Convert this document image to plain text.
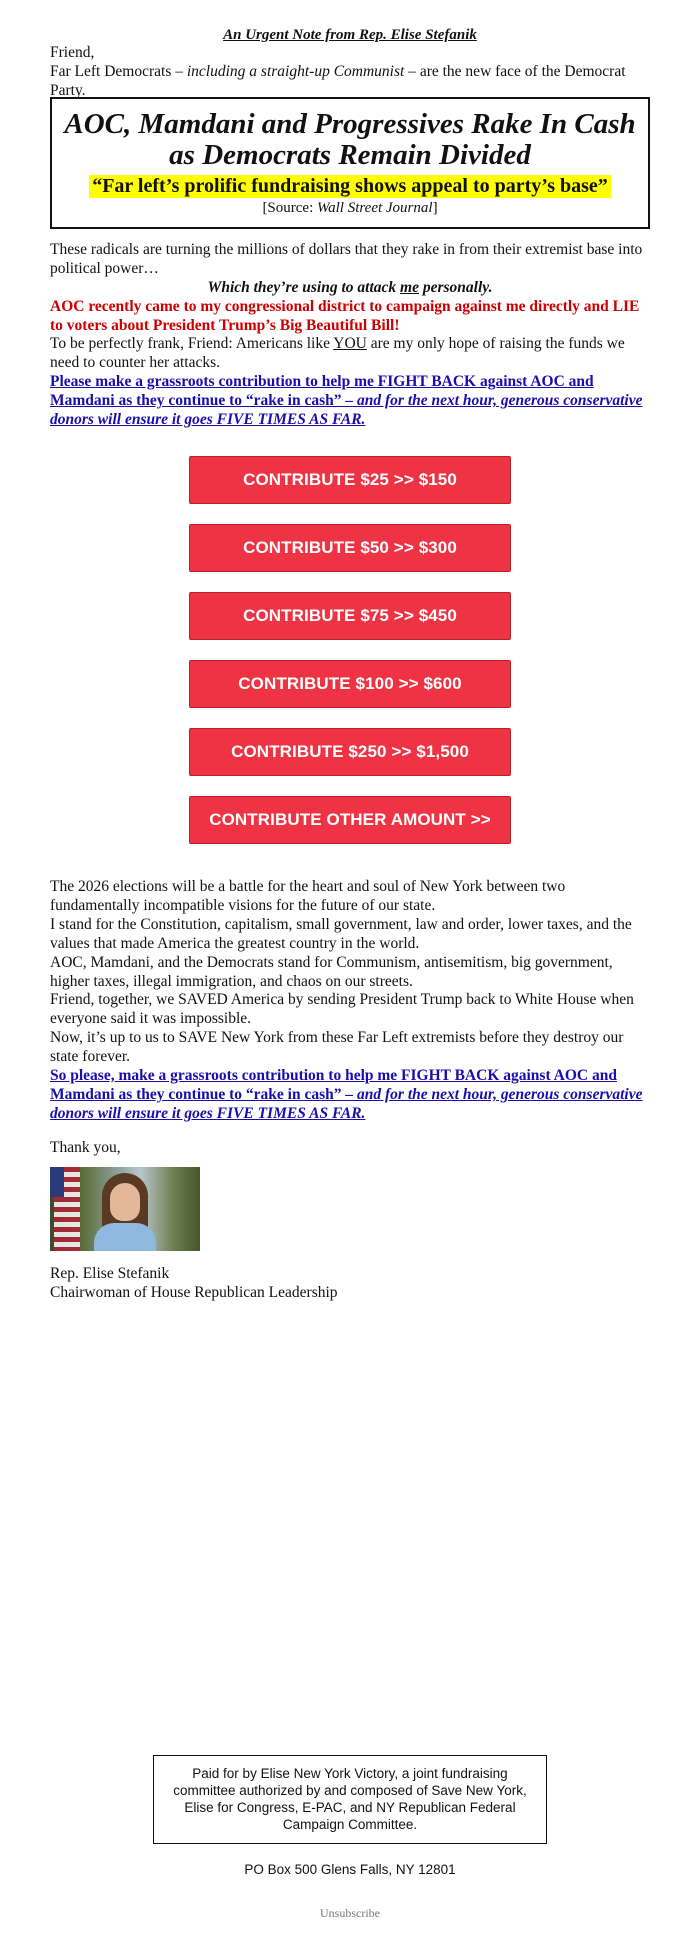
An Urgent Note from Rep. Elise Stefanik

Friend,

Far Left Democrats – including a straight-up Communist – are the new face of the Democrat Party.

AOC, Mamdani and Progressives Rake In Cash as Democrats Remain Divided

“Far left’s prolific fundraising shows appeal to party’s base”
[Source: Wall Street Journal]

These radicals are turning the millions of dollars that they rake in from their extremist base into political power…

Which they’re using to attack me personally.

AOC recently came to my congressional district to campaign against me directly and LIE to voters about President Trump’s Big Beautiful Bill!

To be perfectly frank, Friend: Americans like YOU are my only hope of raising the funds we need to counter her attacks.

Please make a grassroots contribution to help me FIGHT BACK against AOC and Mamdani as they continue to “rake in cash” – and for the next hour, generous conservative donors will ensure it goes FIVE TIMES AS FAR.

CONTRIBUTE $25 >> $150
CONTRIBUTE $50 >> $300
CONTRIBUTE $75 >> $450
CONTRIBUTE $100 >> $600
CONTRIBUTE $250 >> $1,500
CONTRIBUTE OTHER AMOUNT >>

The 2026 elections will be a battle for the heart and soul of New York between two fundamentally incompatible visions for the future of our state.

I stand for the Constitution, capitalism, small government, law and order, lower taxes, and the values that made America the greatest country in the world.

AOC, Mamdani, and the Democrats stand for Communism, antisemitism, big government, higher taxes, illegal immigration, and chaos on our streets.

Friend, together, we SAVED America by sending President Trump back to White House when everyone said it was impossible.

Now, it’s up to us to SAVE New York from these Far Left extremists before they destroy our state forever.

So please, make a grassroots contribution to help me FIGHT BACK against AOC and Mamdani as they continue to “rake in cash” – and for the next hour, generous conservative donors will ensure it goes FIVE TIMES AS FAR.

Thank you,

Rep. Elise Stefanik

Chairwoman of House Republican Leadership

Paid for by Elise New York Victory, a joint fundraising committee authorized by and composed of Save New York, Elise for Congress, E-PAC, and NY Republican Federal Campaign Committee.
PO Box 500 Glens Falls, NY 12801
Unsubscribe
